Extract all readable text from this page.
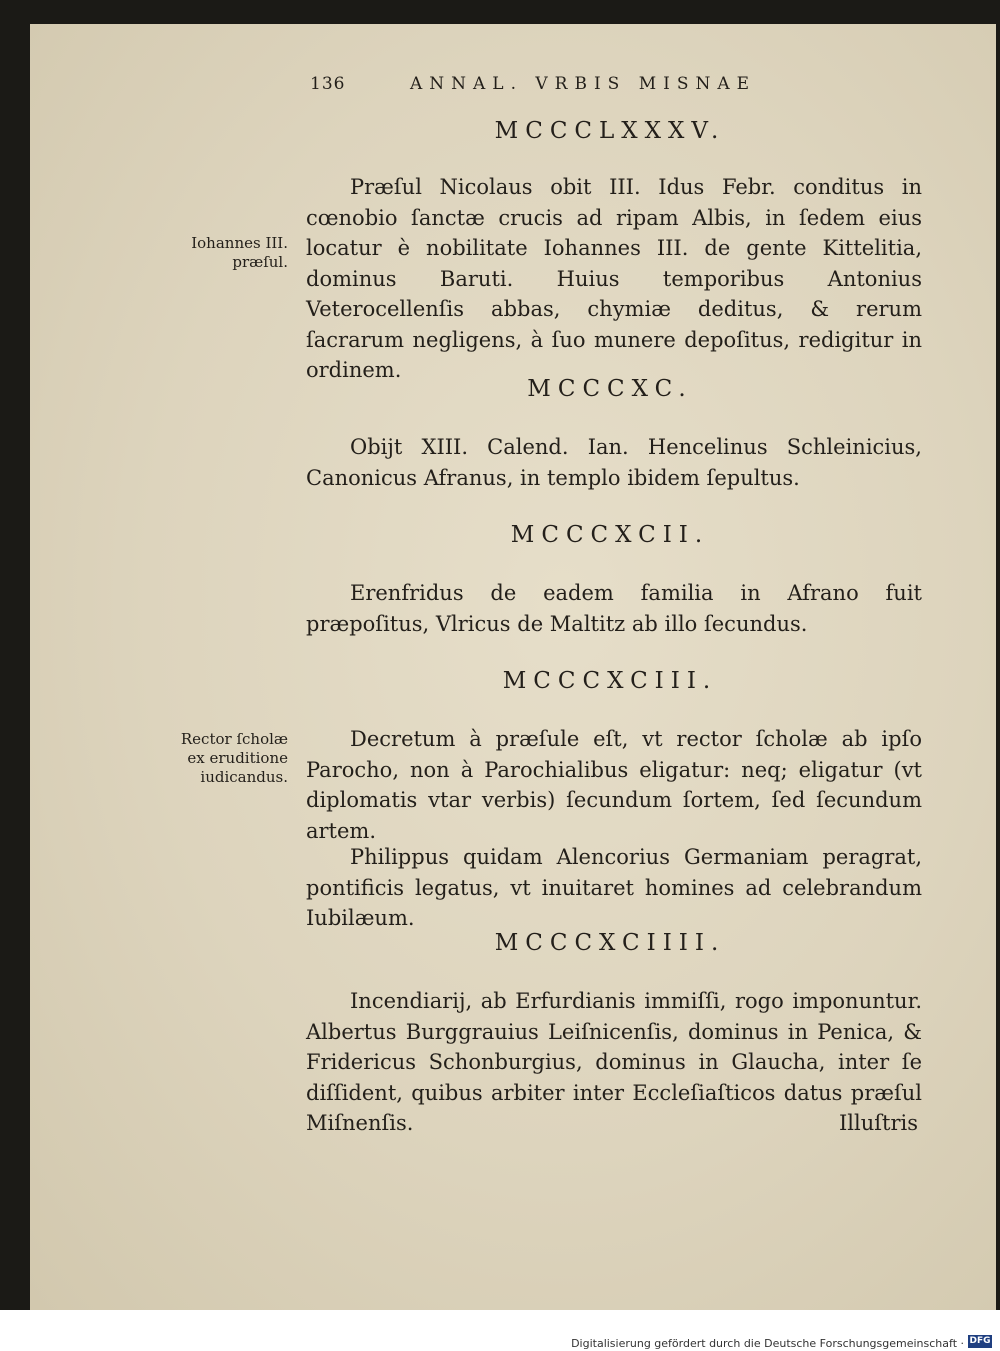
136	ANNAL. VRBIS MISNAE
MCCCLXXXV.
Iohannes III. præſul.

Præſul Nicolaus obit III. Idus Febr. conditus in cœnobio ſanctæ crucis ad ripam Albis, in ſedem eius locatur è nobilitate Iohannes III. de gente Kittelitia, dominus Baruti. Huius temporibus Antonius Veterocellenſis abbas, chymiæ deditus, & rerum ſacrarum negligens, à ſuo munere depoſitus, redigitur in ordinem.

MCCCXC.

Obijt XIII. Calend. Ian. Hencelinus Schleinicius, Canonicus Afranus, in templo ibidem ſepultus.

MCCCXCII.

Erenfridus de eadem familia in Afrano fuit præpoſitus, Vlricus de Maltitz ab illo ſecundus.

MCCCXCIII.
Rector ſcholæ ex eruditione iudicandus.

Decretum à præſule eſt, vt rector ſcholæ ab ipſo Parocho, non à Parochialibus eligatur: neq; eligatur (vt diplomatis vtar verbis) ſecundum ſortem, ſed ſecundum artem.

Philippus quidam Alencorius Germaniam peragrat, pontificis legatus, vt inuitaret homines ad celebrandum Iubilæum.

MCCCXCIIII.

Incendiarij, ab Erfurdianis immiſſi, rogo imponuntur. Albertus Burggrauius Leiſnicenſis, dominus in Penica, & Fridericus Schonburgius, dominus in Glaucha, inter ſe diſſident, quibus arbiter inter Eccleſiaſticos datus præſul Miſnenſis.	Illuſtris
Digitalisierung gefördert durch die Deutsche Forschungsgemeinschaft · DFG
